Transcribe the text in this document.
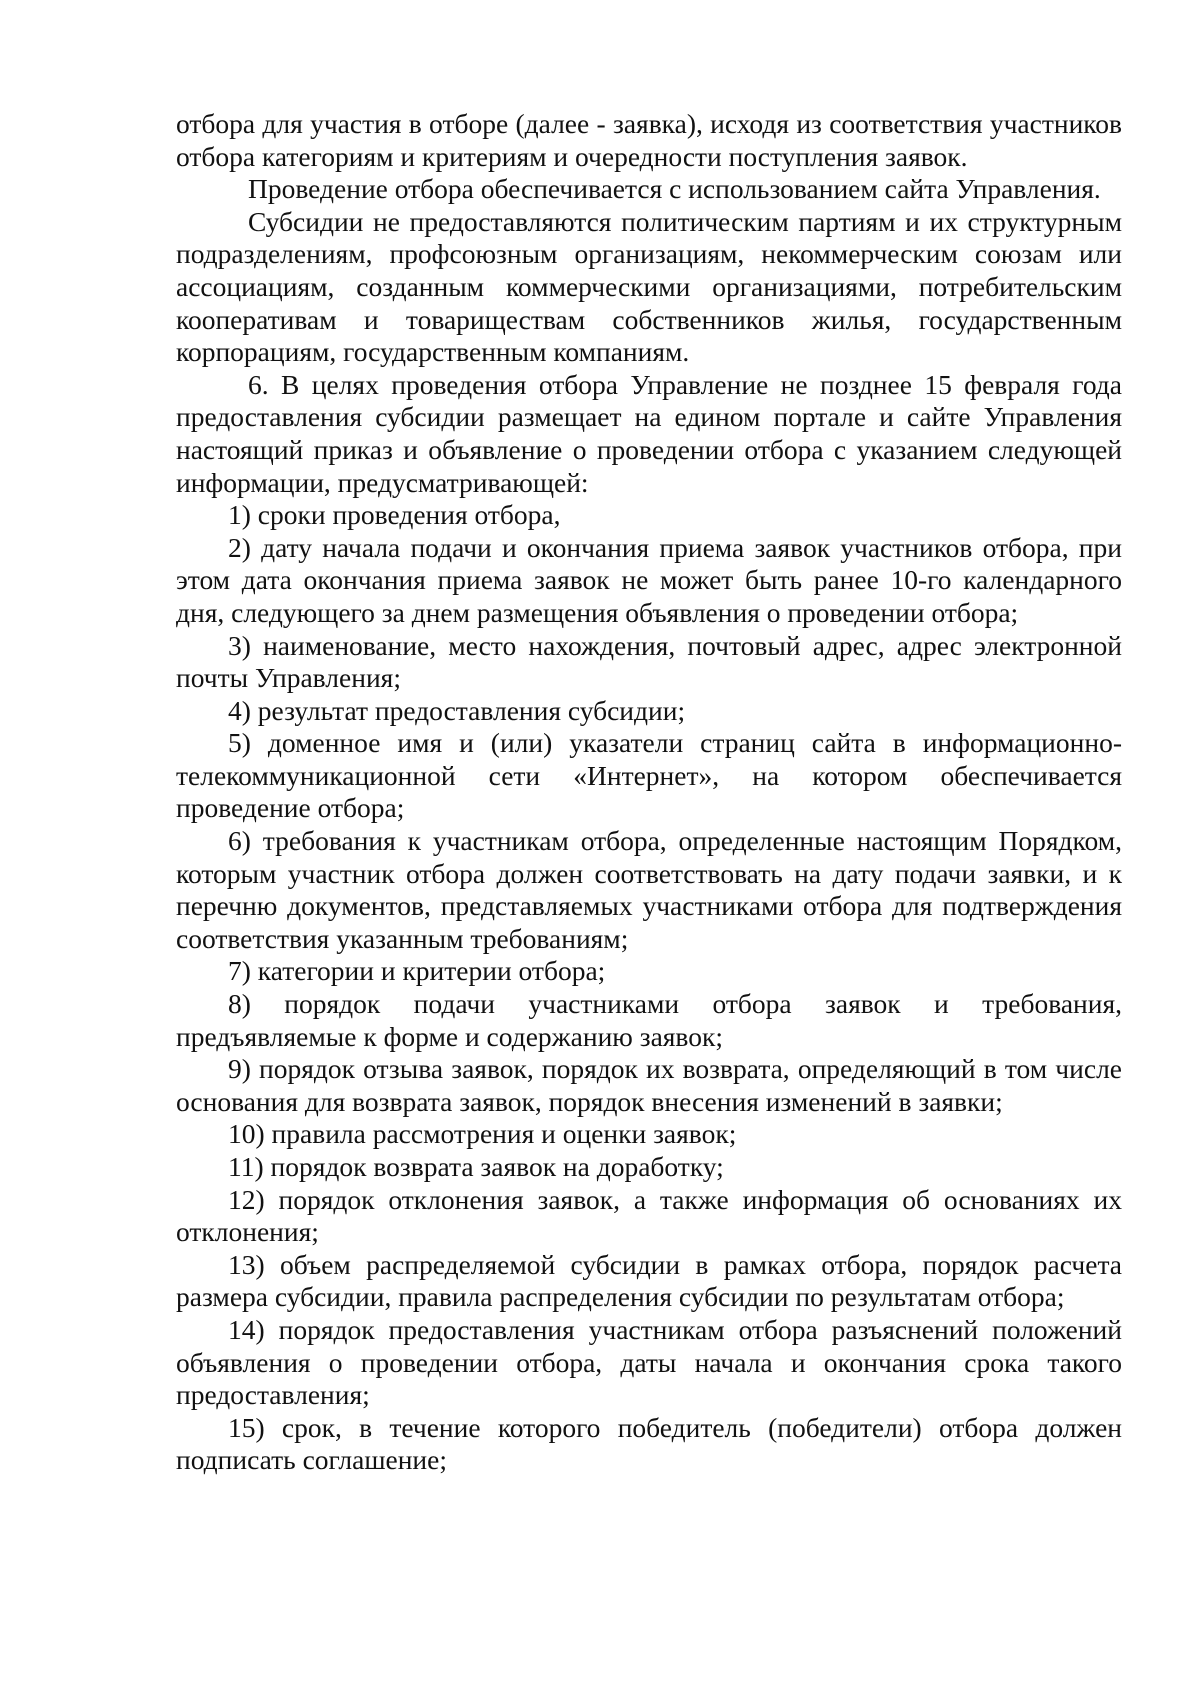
отбора для участия в отборе (далее - заявка), исходя из соответствия участников отбора категориям и критериям и очередности поступления заявок.

Проведение отбора обеспечивается с использованием сайта Управления.

Субсидии не предоставляются политическим партиям и их структурным подразделениям, профсоюзным организациям, некоммерческим союзам или ассоциациям, созданным коммерческими организациями, потребительским кооперативам и товариществам собственников жилья, государственным корпорациям, государственным компаниям.

6. В целях проведения отбора Управление не позднее 15 февраля года предоставления субсидии размещает на едином портале и сайте Управления настоящий приказ и объявление о проведении отбора с указанием следующей информации, предусматривающей:

1) сроки проведения отбора,

2) дату начала подачи и окончания приема заявок участников отбора, при этом дата окончания приема заявок не может быть ранее 10-го календарного дня, следующего за днем размещения объявления о проведении отбора;

3) наименование, место нахождения, почтовый адрес, адрес электронной почты Управления;

4) результат предоставления субсидии;

5) доменное имя и (или) указатели страниц сайта в информационно-телекоммуникационной сети «Интернет», на котором обеспечивается проведение отбора;

6) требования к участникам отбора, определенные настоящим Порядком, которым участник отбора должен соответствовать на дату подачи заявки, и к перечню документов, представляемых участниками отбора для подтверждения соответствия указанным требованиям;

7) категории и критерии отбора;

8) порядок подачи участниками отбора заявок и требования, предъявляемые к форме и содержанию заявок;

9) порядок отзыва заявок, порядок их возврата, определяющий в том числе основания для возврата заявок, порядок внесения изменений в заявки;

10) правила рассмотрения и оценки заявок;

11) порядок возврата заявок на доработку;

12) порядок отклонения заявок, а также информация об основаниях их отклонения;

13) объем распределяемой субсидии в рамках отбора, порядок расчета размера субсидии, правила распределения субсидии по результатам отбора;

14) порядок предоставления участникам отбора разъяснений положений объявления о проведении отбора, даты начала и окончания срока такого предоставления;

15) срок, в течение которого победитель (победители) отбора должен подписать соглашение;
